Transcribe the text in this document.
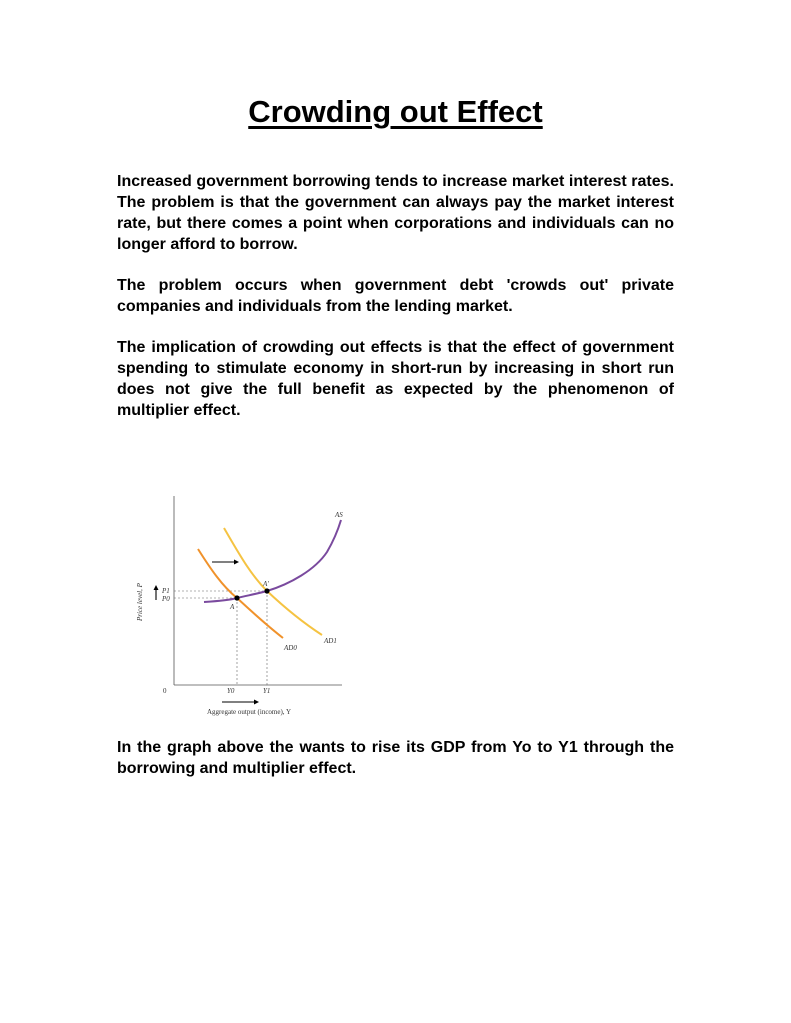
Crowding out Effect

Increased government borrowing tends to increase market interest rates. The problem is that the government can always pay the market interest rate, but there comes a point when corporations and individuals can no longer afford to borrow.

The problem occurs when government debt 'crowds out' private companies and individuals from the lending market.

The implication of crowding out effects is that the effect of government spending to stimulate economy in short-run by increasing in short run does not give the full benefit as expected by the phenomenon of multiplier effect.

AS
AD0
AD1
A
A'
P1
P0
Y0	Y1
0
Aggregate output (income), Y
Price level, P

In the graph above the wants to rise its GDP from Yo to Y1 through the borrowing and multiplier effect.
